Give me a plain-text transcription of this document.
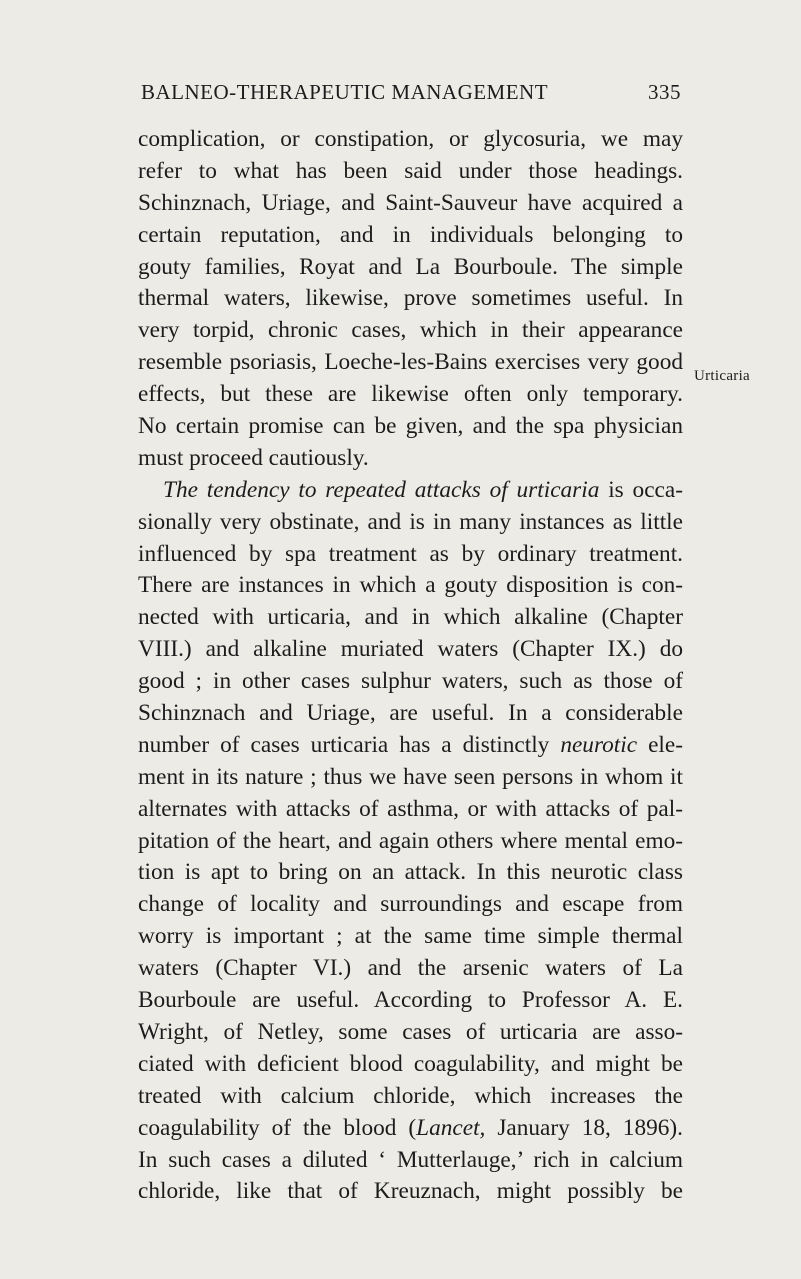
BALNEO-THERAPEUTIC MANAGEMENT	335
Urticaria
complication, or constipation, or glycosuria, we may
refer to what has been said under those headings.
Schinznach, Uriage, and Saint-Sauveur have acquired a
certain reputation, and in individuals belonging to
gouty families, Royat and La Bourboule. The simple
thermal waters, likewise, prove sometimes useful. In
very torpid, chronic cases, which in their appearance
resemble psoriasis, Loeche-les-Bains exercises very good
effects, but these are likewise often only temporary.
No certain promise can be given, and the spa physician
must proceed cautiously.
The tendency to repeated attacks of urticaria is occa-
sionally very obstinate, and is in many instances as little
influenced by spa treatment as by ordinary treatment.
There are instances in which a gouty disposition is con-
nected with urticaria, and in which alkaline (Chapter
VIII.) and alkaline muriated waters (Chapter IX.) do
good ; in other cases sulphur waters, such as those of
Schinznach and Uriage, are useful. In a considerable
number of cases urticaria has a distinctly neurotic ele-
ment in its nature ; thus we have seen persons in whom it
alternates with attacks of asthma, or with attacks of pal-
pitation of the heart, and again others where mental emo-
tion is apt to bring on an attack. In this neurotic class
change of locality and surroundings and escape from
worry is important ; at the same time simple thermal
waters (Chapter VI.) and the arsenic waters of La
Bourboule are useful. According to Professor A. E.
Wright, of Netley, some cases of urticaria are asso-
ciated with deficient blood coagulability, and might be
treated with calcium chloride, which increases the
coagulability of the blood (Lancet, January 18, 1896).
In such cases a diluted ‘ Mutterlauge,’ rich in calcium
chloride, like that of Kreuznach, might possibly be
